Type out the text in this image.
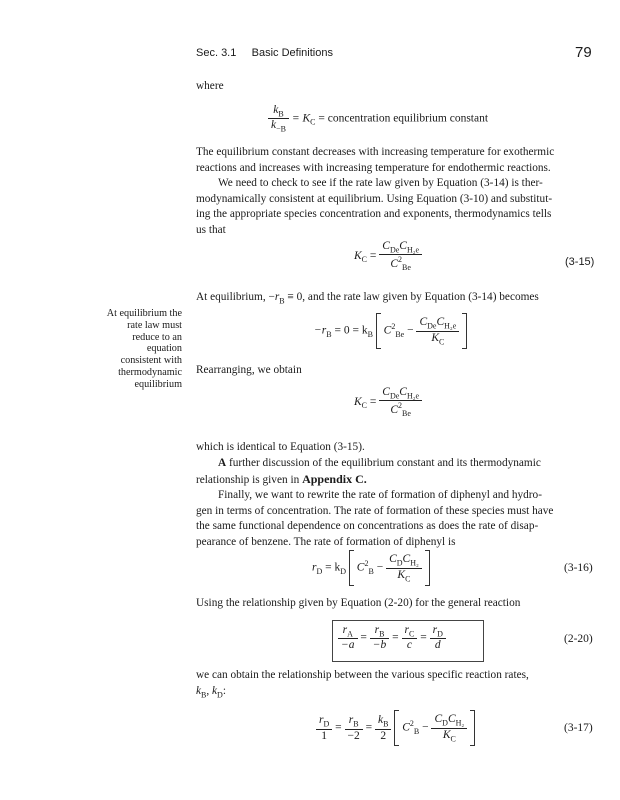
Sec. 3.1 Basic Definitions	79
where
$\frac{k_B}{k_{-B}} = K_C$ = concentration equilibrium constant
The equilibrium constant decreases with increasing temperature for exothermic
reactions and increases with increasing temperature for endothermic reactions.
We need to check to see if the rate law given by Equation (3-14) is ther-
modynamically consistent at equilibrium. Using Equation (3-10) and substitut-
ing the appropriate species concentration and exponents, thermodynamics tells
us that
$K_C = \frac{C_{De}C_{H_2e}}{C^2_{Be}}$	(3-15)
At equilibrium, $-r_B \equiv 0$, and the rate law given by Equation (3-14) becomes
At equilibrium the
rate law must
reduce to an
equation
consistent with
thermodynamic
equilibrium
$-r_B = 0 = k_B$ $C^2_{Be} - \frac{C_{De}C_{H_2e}}{K_C}$

Rearranging, we obtain
$K_C = \frac{C_{De}C_{H_2e}}{C^2_{Be}}$
which is identical to Equation (3-15).
A further discussion of the equilibrium constant and its thermodynamic
relationship is given in Appendix C.
Finally, we want to rewrite the rate of formation of diphenyl and hydro-
gen in terms of concentration. The rate of formation of these species must have
the same functional dependence on concentrations as does the rate of disap-
pearance of benzene. The rate of formation of diphenyl is
$r_D = k_D$ $C^2_B - \frac{C_DC_{H_2}}{K_C}$
	(3-16)
Using the relationship given by Equation (2-20) for the general reaction
$\frac{r_A}{-a} = \frac{r_B}{-b} = \frac{r_C}{c} = \frac{r_D}{d}$	(2-20)
we can obtain the relationship between the various specific reaction rates,
$k_B$, $k_D$:
$\frac{r_D}{1} = \frac{r_B}{-2} = \frac{k_B}{2} C^2_B - \frac{C_DC_{H_2}}{K_C}$
	(3-17)
